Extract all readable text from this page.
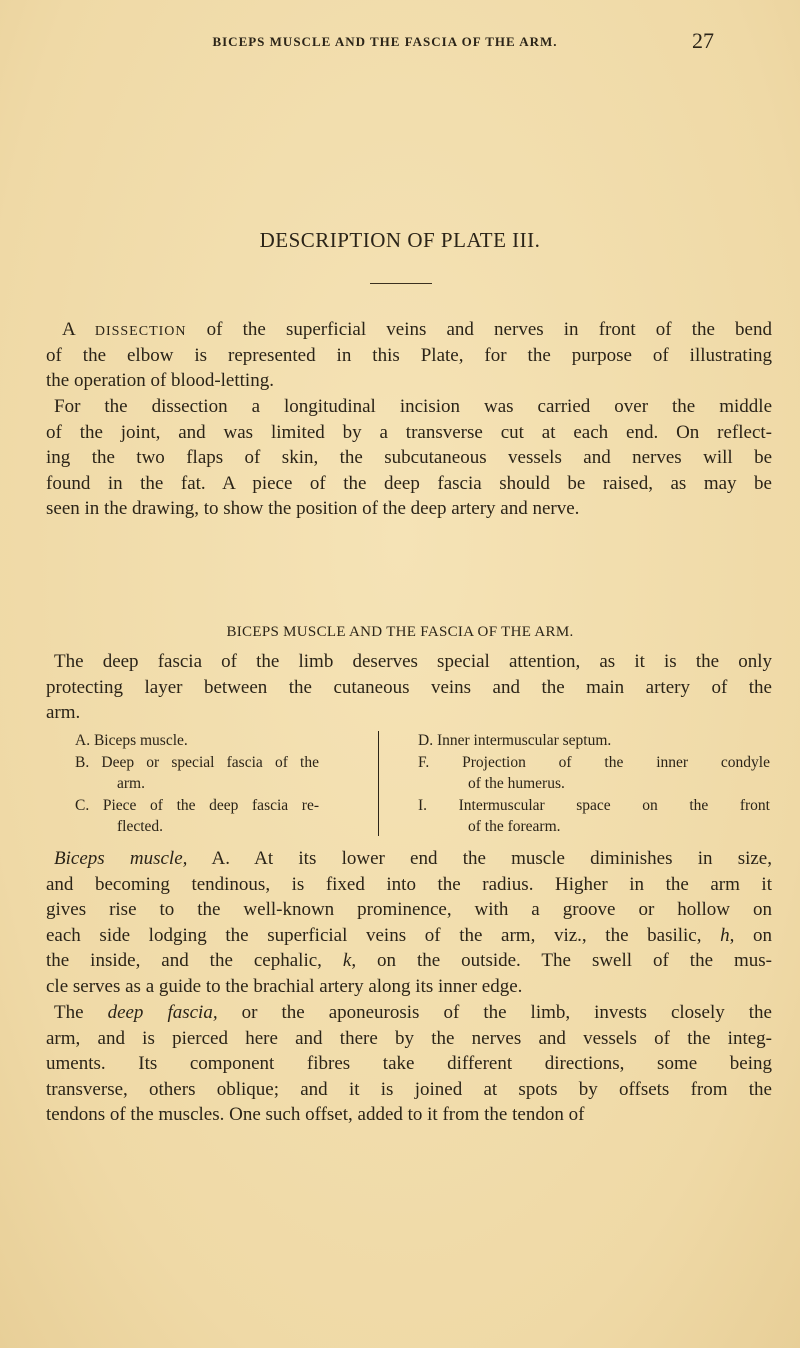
BICEPS MUSCLE AND THE FASCIA OF THE ARM.	27
DESCRIPTION OF PLATE III.
A DISSECTION of the superficial veins and nerves in front of the bend
of the elbow is represented in this Plate, for the purpose of illustrating
the operation of blood-letting.
For the dissection a longitudinal incision was carried over the middle
of the joint, and was limited by a transverse cut at each end. On reflect-
ing the two flaps of skin, the subcutaneous vessels and nerves will be
found in the fat. A piece of the deep fascia should be raised, as may be
seen in the drawing, to show the position of the deep artery and nerve.
BICEPS MUSCLE AND THE FASCIA OF THE ARM.
The deep fascia of the limb deserves special attention, as it is the only
protecting layer between the cutaneous veins and the main artery of the
arm.
A. Biceps muscle.
B. Deep or special fascia of the
arm.
C. Piece of the deep fascia re-
flected.
D. Inner intermuscular septum.
F. Projection of the inner condyle
of the humerus.
I. Intermuscular space on the front
of the forearm.
Biceps muscle, A. At its lower end the muscle diminishes in size,
and becoming tendinous, is fixed into the radius. Higher in the arm it
gives rise to the well-known prominence, with a groove or hollow on
each side lodging the superficial veins of the arm, viz., the basilic, h, on
the inside, and the cephalic, k, on the outside. The swell of the mus-
cle serves as a guide to the brachial artery along its inner edge.
The deep fascia, or the aponeurosis of the limb, invests closely the
arm, and is pierced here and there by the nerves and vessels of the integ-
uments. Its component fibres take different directions, some being
transverse, others oblique; and it is joined at spots by offsets from the
tendons of the muscles. One such offset, added to it from the tendon of
